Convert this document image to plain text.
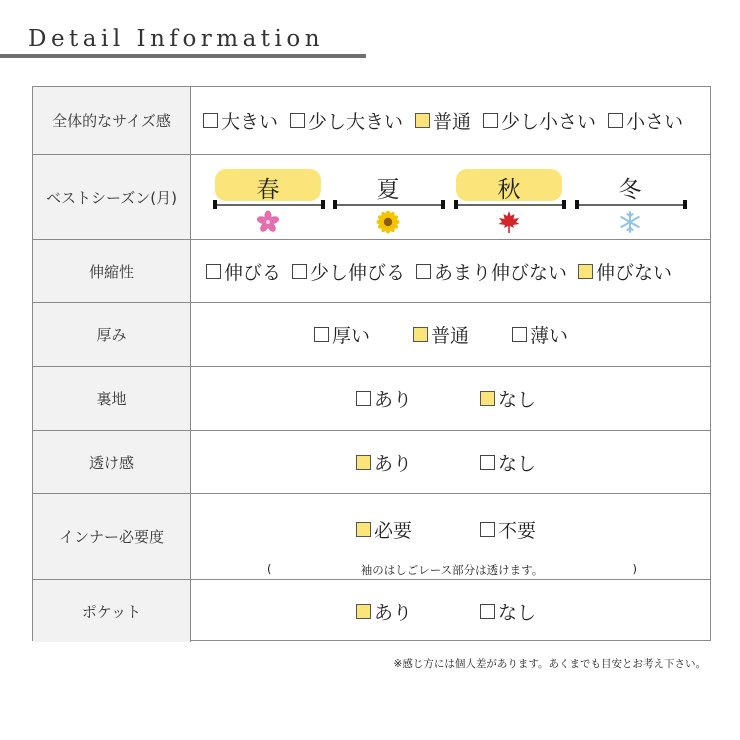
Detail Information
全体的なサイズ感	大きい 少し大きい 普通 少し小さい 小さい
ベストシーズン(月)	春	夏	秋	冬
伸縮性	伸びる 少し伸びる あまり伸びない 伸びない
厚み	厚い	普通	薄い
裏地	あり	なし
透け感	あり	なし
インナー必要度	必要	不要
(	袖のはしごレース部分は透けます。	)
ポケット	あり	なし
※感じ方には個人差があります。あくまでも目安とお考え下さい。
